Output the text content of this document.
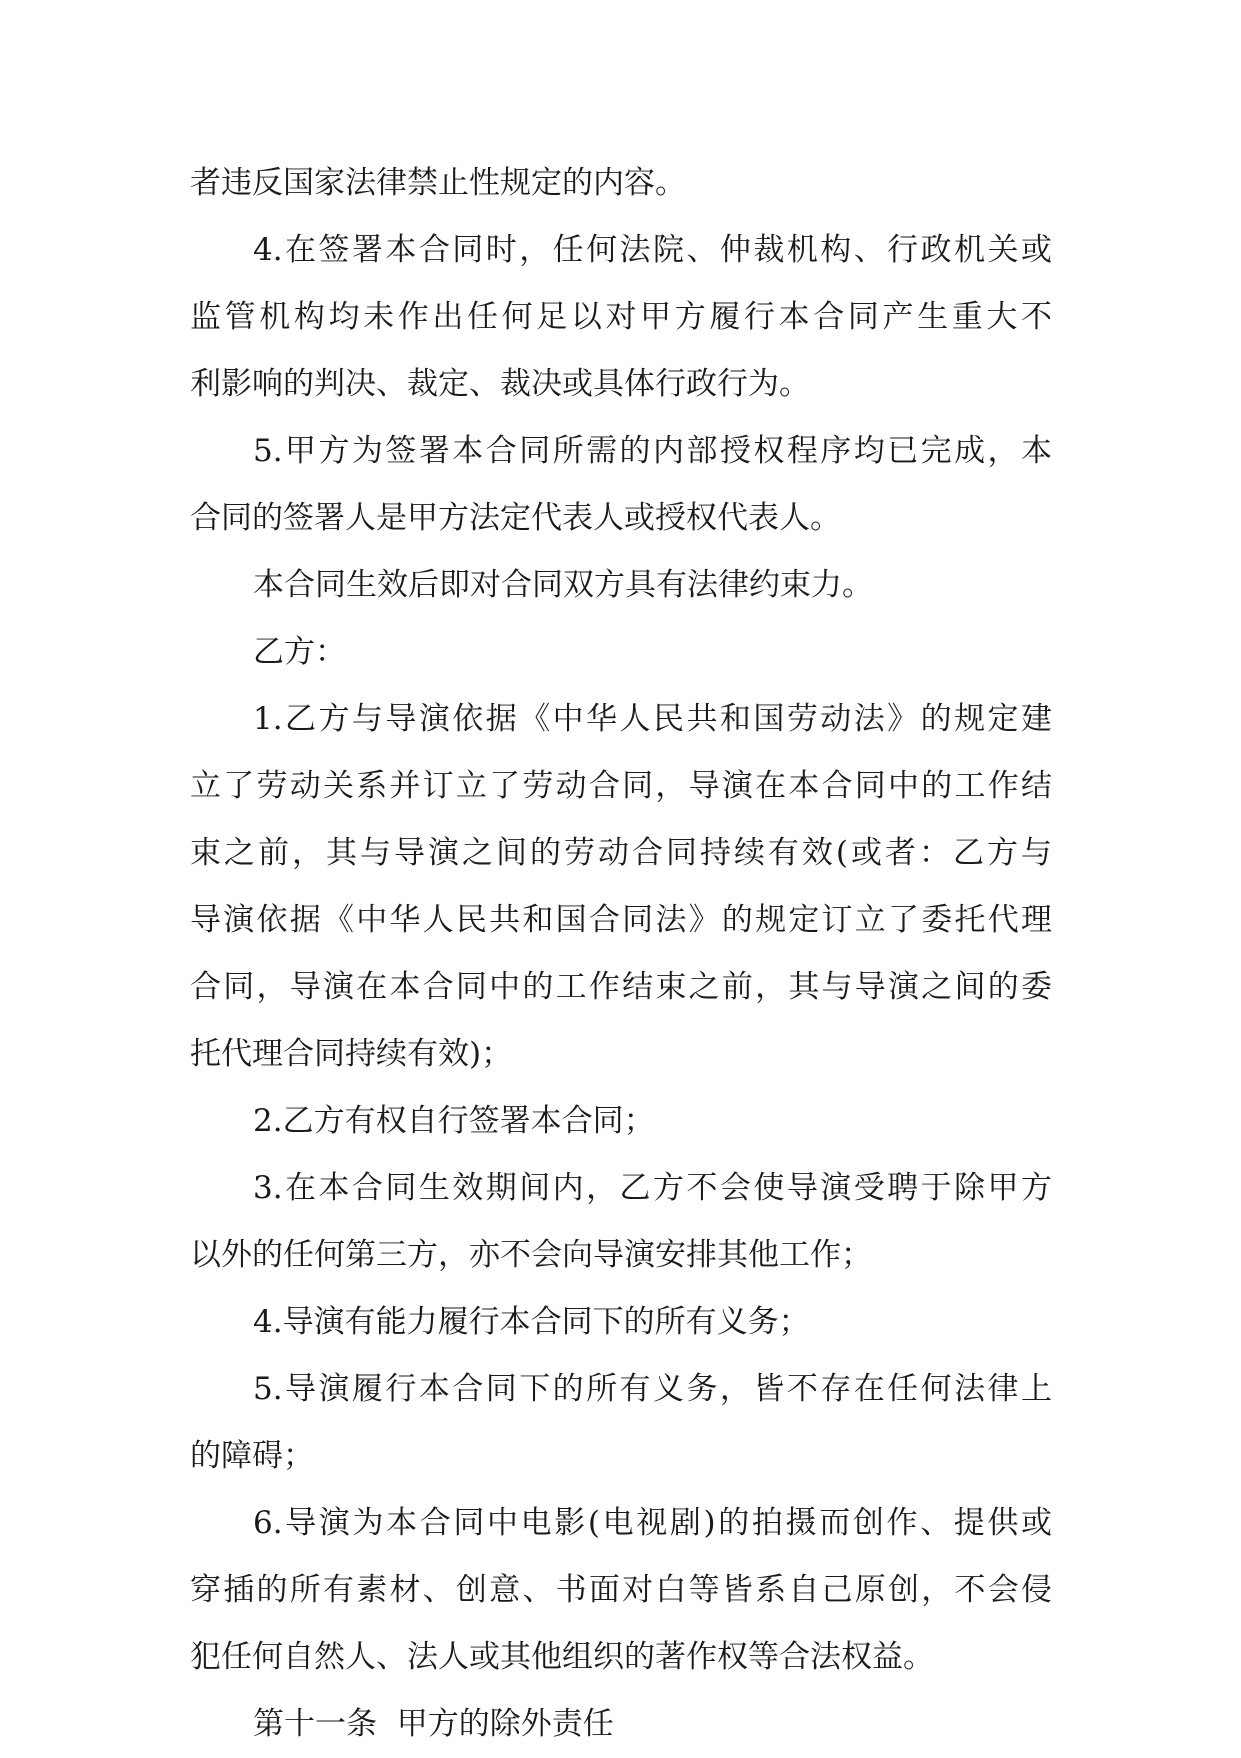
者违反国家法律禁止性规定的内容。
4.在签署本合同时，任何法院、仲裁机构、行政机关或
监管机构均未作出任何足以对甲方履行本合同产生重大不
利影响的判决、裁定、裁决或具体行政行为。
5.甲方为签署本合同所需的内部授权程序均已完成，本
合同的签署人是甲方法定代表人或授权代表人。
本合同生效后即对合同双方具有法律约束力。
乙方：
1.乙方与导演依据《中华人民共和国劳动法》的规定建
立了劳动关系并订立了劳动合同，导演在本合同中的工作结
束之前，其与导演之间的劳动合同持续有效(或者：乙方与
导演依据《中华人民共和国合同法》的规定订立了委托代理
合同，导演在本合同中的工作结束之前，其与导演之间的委
托代理合同持续有效)；
2.乙方有权自行签署本合同；
3.在本合同生效期间内，乙方不会使导演受聘于除甲方
以外的任何第三方，亦不会向导演安排其他工作；
4.导演有能力履行本合同下的所有义务；
5.导演履行本合同下的所有义务，皆不存在任何法律上
的障碍；
6.导演为本合同中电影(电视剧)的拍摄而创作、提供或
穿插的所有素材、创意、书面对白等皆系自己原创，不会侵
犯任何自然人、法人或其他组织的著作权等合法权益。
第十一条  甲方的除外责任
